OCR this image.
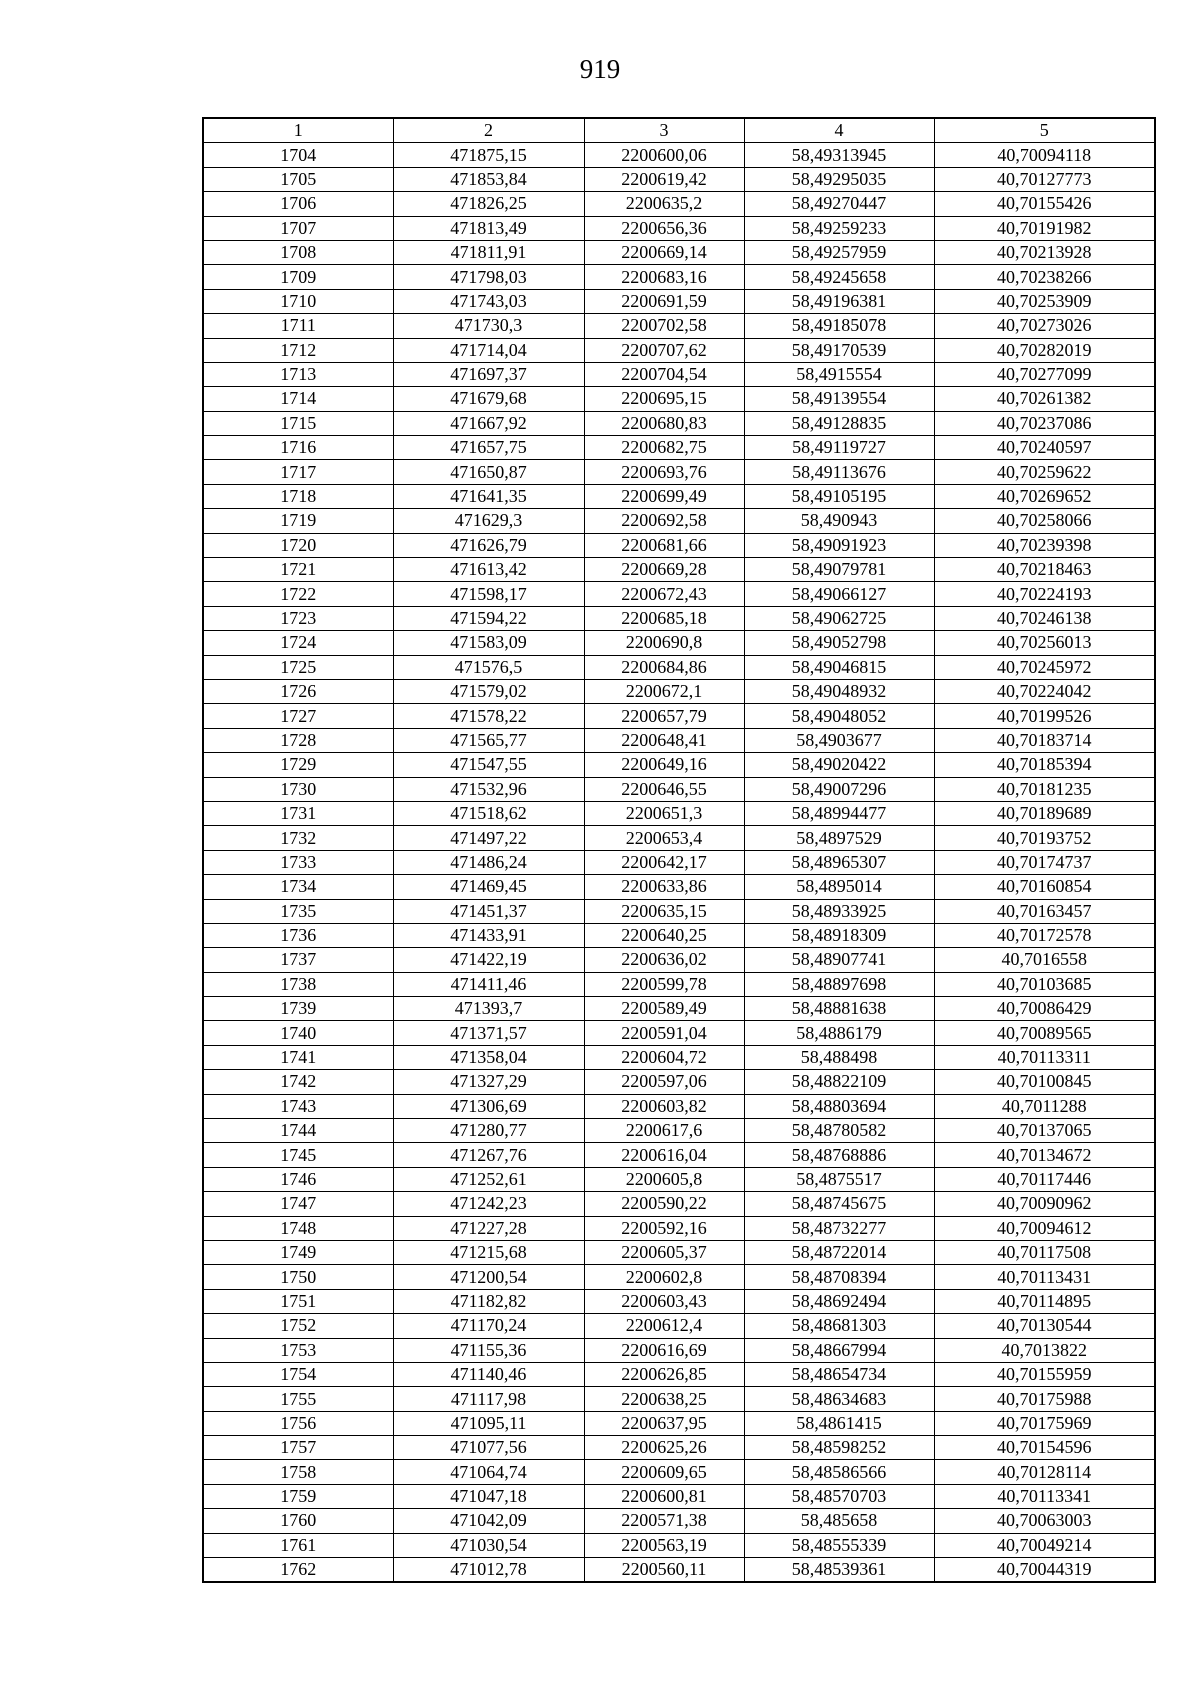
919
1	2	3	4	5
1704	471875,15	2200600,06	58,49313945	40,70094118
1705	471853,84	2200619,42	58,49295035	40,70127773
1706	471826,25	2200635,2	58,49270447	40,70155426
1707	471813,49	2200656,36	58,49259233	40,70191982
1708	471811,91	2200669,14	58,49257959	40,70213928
1709	471798,03	2200683,16	58,49245658	40,70238266
1710	471743,03	2200691,59	58,49196381	40,70253909
1711	471730,3	2200702,58	58,49185078	40,70273026
1712	471714,04	2200707,62	58,49170539	40,70282019
1713	471697,37	2200704,54	58,4915554	40,70277099
1714	471679,68	2200695,15	58,49139554	40,70261382
1715	471667,92	2200680,83	58,49128835	40,70237086
1716	471657,75	2200682,75	58,49119727	40,70240597
1717	471650,87	2200693,76	58,49113676	40,70259622
1718	471641,35	2200699,49	58,49105195	40,70269652
1719	471629,3	2200692,58	58,490943	40,70258066
1720	471626,79	2200681,66	58,49091923	40,70239398
1721	471613,42	2200669,28	58,49079781	40,70218463
1722	471598,17	2200672,43	58,49066127	40,70224193
1723	471594,22	2200685,18	58,49062725	40,70246138
1724	471583,09	2200690,8	58,49052798	40,70256013
1725	471576,5	2200684,86	58,49046815	40,70245972
1726	471579,02	2200672,1	58,49048932	40,70224042
1727	471578,22	2200657,79	58,49048052	40,70199526
1728	471565,77	2200648,41	58,4903677	40,70183714
1729	471547,55	2200649,16	58,49020422	40,70185394
1730	471532,96	2200646,55	58,49007296	40,70181235
1731	471518,62	2200651,3	58,48994477	40,70189689
1732	471497,22	2200653,4	58,4897529	40,70193752
1733	471486,24	2200642,17	58,48965307	40,70174737
1734	471469,45	2200633,86	58,4895014	40,70160854
1735	471451,37	2200635,15	58,48933925	40,70163457
1736	471433,91	2200640,25	58,48918309	40,70172578
1737	471422,19	2200636,02	58,48907741	40,7016558
1738	471411,46	2200599,78	58,48897698	40,70103685
1739	471393,7	2200589,49	58,48881638	40,70086429
1740	471371,57	2200591,04	58,4886179	40,70089565
1741	471358,04	2200604,72	58,488498	40,70113311
1742	471327,29	2200597,06	58,48822109	40,70100845
1743	471306,69	2200603,82	58,48803694	40,7011288
1744	471280,77	2200617,6	58,48780582	40,70137065
1745	471267,76	2200616,04	58,48768886	40,70134672
1746	471252,61	2200605,8	58,4875517	40,70117446
1747	471242,23	2200590,22	58,48745675	40,70090962
1748	471227,28	2200592,16	58,48732277	40,70094612
1749	471215,68	2200605,37	58,48722014	40,70117508
1750	471200,54	2200602,8	58,48708394	40,70113431
1751	471182,82	2200603,43	58,48692494	40,70114895
1752	471170,24	2200612,4	58,48681303	40,70130544
1753	471155,36	2200616,69	58,48667994	40,7013822
1754	471140,46	2200626,85	58,48654734	40,70155959
1755	471117,98	2200638,25	58,48634683	40,70175988
1756	471095,11	2200637,95	58,4861415	40,70175969
1757	471077,56	2200625,26	58,48598252	40,70154596
1758	471064,74	2200609,65	58,48586566	40,70128114
1759	471047,18	2200600,81	58,48570703	40,70113341
1760	471042,09	2200571,38	58,485658	40,70063003
1761	471030,54	2200563,19	58,48555339	40,70049214
1762	471012,78	2200560,11	58,48539361	40,70044319
